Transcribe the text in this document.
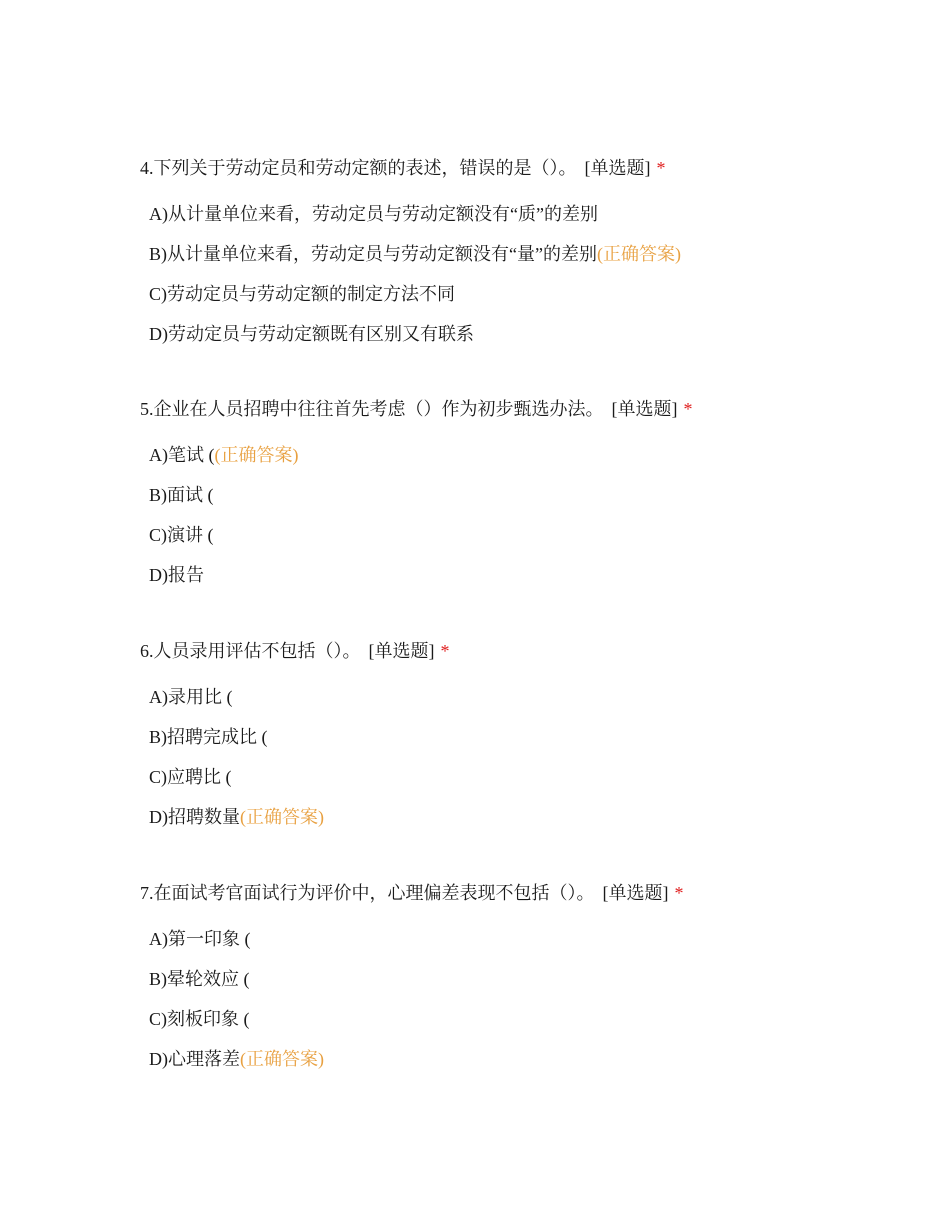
4.下列关于劳动定员和劳动定额的表述，错误的是（）。 [单选题] *
A)从计量单位来看，劳动定员与劳动定额没有“质”的差别
B)从计量单位来看，劳动定员与劳动定额没有“量”的差别(正确答案)
C)劳动定员与劳动定额的制定方法不同
D)劳动定员与劳动定额既有区别又有联系
5.企业在人员招聘中往往首先考虑（）作为初步甄选办法。 [单选题] *
A)笔试 ((正确答案)
B)面试 (
C)演讲 (
D)报告
6.人员录用评估不包括（）。 [单选题] *
A)录用比 (
B)招聘完成比 (
C)应聘比 (
D)招聘数量(正确答案)
7.在面试考官面试行为评价中，心理偏差表现不包括（）。 [单选题] *
A)第一印象 (
B)晕轮效应 (
C)刻板印象 (
D)心理落差(正确答案)
